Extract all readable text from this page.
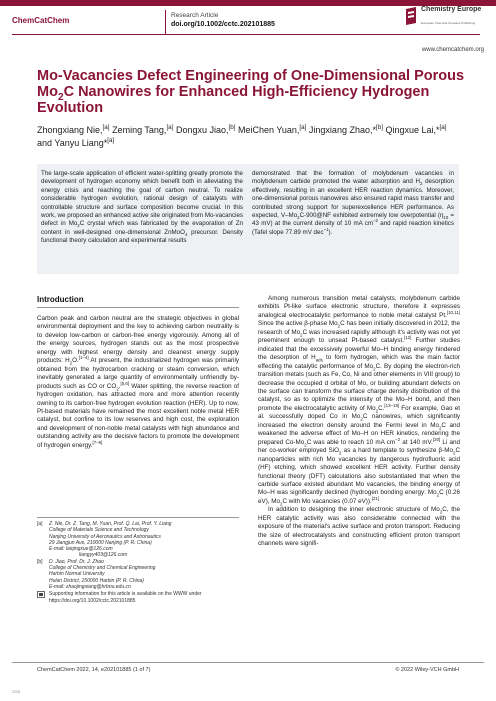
ChemCatChem
Research Article
doi.org/10.1002/cctc.202101885
Chemistry Europe
European Chemical Societies Publishing
www.chemcatchem.org
Mo-Vacancies Defect Engineering of One-Dimensional Porous $Mo_2C$ Nanowires for Enhanced High-Efficiency Hydrogen Evolution
Zhongxiang Nie,[a] Zeming Tang,[a] Dongxu Jiao,[b] MeiChen Yuan,[a] Jingxiang Zhao,*[b] Qingxue Lai,*[a] and Yanyu Liang*[a]
The large-scale application of efficient water-splitting greatly promote the development of hydrogen economy which benefit both in alleviating the energy crisis and reaching the goal of carbon neutral. To realize considerable hydrogen evolution, rational design of catalysts with controllable structure and surface composition become crucial. In this work, we proposed an enhanced active site originated from Mo-vacancies defect in $Mo_2C$ crystal which was fabricated by the evaporation of Zn content in well-designed one-dimensional ZnMoO$_4$ precursor. Density functional theory calculation and experimental results
demonstrated that the formation of molybdenum vacancies in molybdenum carbide promoted the water adsorption and $H_2$ desorption effectively, resulting in an excellent HER reaction dynamics. Moreover, one-dimensional porous nanowires also ensured rapid mass transfer and contributed strong support for superexcellence HER performance. As expected, $V-Mo_2C-900@NF$ exhibited extremely low overpotential ($\eta_{10} = 43$ mV) at the current density of 10 mA $cm^{-2}$ and rapid reaction kinetics (Tafel slope 77.89 mV dec$^{-1}$).
Introduction

Carbon peak and carbon neutral are the strategic objectives in global environmental deployment and the key to achieving carbon neutrality is to develop low-carbon or carbon-free energy vigorously. Among all of the energy sources, hydrogen stands out as the most prospective energy with highest energy density and cleanest energy supply products: $H_2O.[1-4]$ At present, the industrialized hydrogen was primarily obtained from the hydrocarbon cracking or steam conversion, which inevitably generated a large quantity of environmentally unfriendly by-products such as CO or $CO_2.[5,6]$ Water splitting, the reverse reaction of hydrogen oxidation, has attracted more and more attention recently owning to its carbon-free hydrogen evolution reaction (HER). Up to now, Pt-based materials have remained the most excellent noble metal HER catalyst, but confine to its low reserves and high cost, the exploration and development of non-noble metal catalysts with high abundance and outstanding activity are the decisive factors to promote the development of hydrogen energy.[7–9]

Among numerous transition metal catalysts, molybdenum carbide exhibits Pt-like surface electronic structure, therefore it expresses analogical electrocatalytic performance to noble metal catalyst Pt.[10,11] Since the active β-phase $Mo_2C$ has been initially discovered in 2012, the research of $Mo_2C$ was increased rapidly although it's activity was not yet preeminent enough to unseat Pt-based catalyst.[12] Further studies indicated that the excessively powerful Mo–H binding energy hindered the desorption of $H_{ads}$ to form hydrogen, which was the main factor effecting the catalytic performance of $Mo_2C$. By doping the electron-rich transition metals (such as Fe, Co, Ni and other elements in VIII group) to decrease the occupied d orbital of Mo, or building abundant defects on the surface can transform the surface charge density distribution of the catalyst, so as to optimize the intensity of the Mo–H bond, and then promote the electrocatalytic activity of $Mo_2C.[13-18]$ For example, Gao et al. successfully doped Co in $Mo_2C$ nanowires, which significantly increased the electron density around the Fermi level in $Mo_2C$ and weakened the adverse effect of Mo–H on HER kinetics, rendering the prepared $Co-Mo_2C$ was able to reach 10 mA $cm^{-2}$ at 140 mV.[20] Li and her co-worker employed SiO$_2$ as a hard template to synthesize $\beta-Mo_2C$ nanoparticles with rich Mo vacancies by dangerous hydrofluoric acid (HF) etching, which showed excellent HER activity. Further density functional theory (DFT) calculations also substantiated that when the carbide surface existed abundant Mo vacancies, the binding energy of Mo–H was significantly declined (hydrogen bonding energy: $Mo_2C$ (0.26 eV), $Mo_2C$ with Mo vacancies (0.07 eV)).[21]

In addition to designing the inner electronic structure of $Mo_2C$, the HER catalytic activity was also considerable connected with the exposure of the material's active surface and proton transport. Reducing the size of electrocatalysts and constructing efficient proton transport channels were signifi-

[a]	Z. Nie, Dr. Z. Tang, M. Yuan, Prof. Q. Lai, Prof. Y. Liang
College of Materials Science and Technology
Nanjing University of Aeronautics and Astronautics
29 Jiangjun Ave, 210000 Nanjing (P. R. China)
E-mail: laiqingxue@126.com
liangyy403@126.com
[b]	D. Jiao, Prof. Dr. J. Zhao
College of Chemistry and Chemical Engineering
Harbin Normal University
Hulan District, 150000 Harbin (P. R. China)
E-mail: zhaojingxiang@hrbnu.edu.cn
Supporting information for this article is available on the WWW under https://doi.org/10.1002/cctc.202101885
ChemCatChem 2022, 14, e202101885 (1 of 7)	© 2022 Wiley-VCH GmbH
2228
